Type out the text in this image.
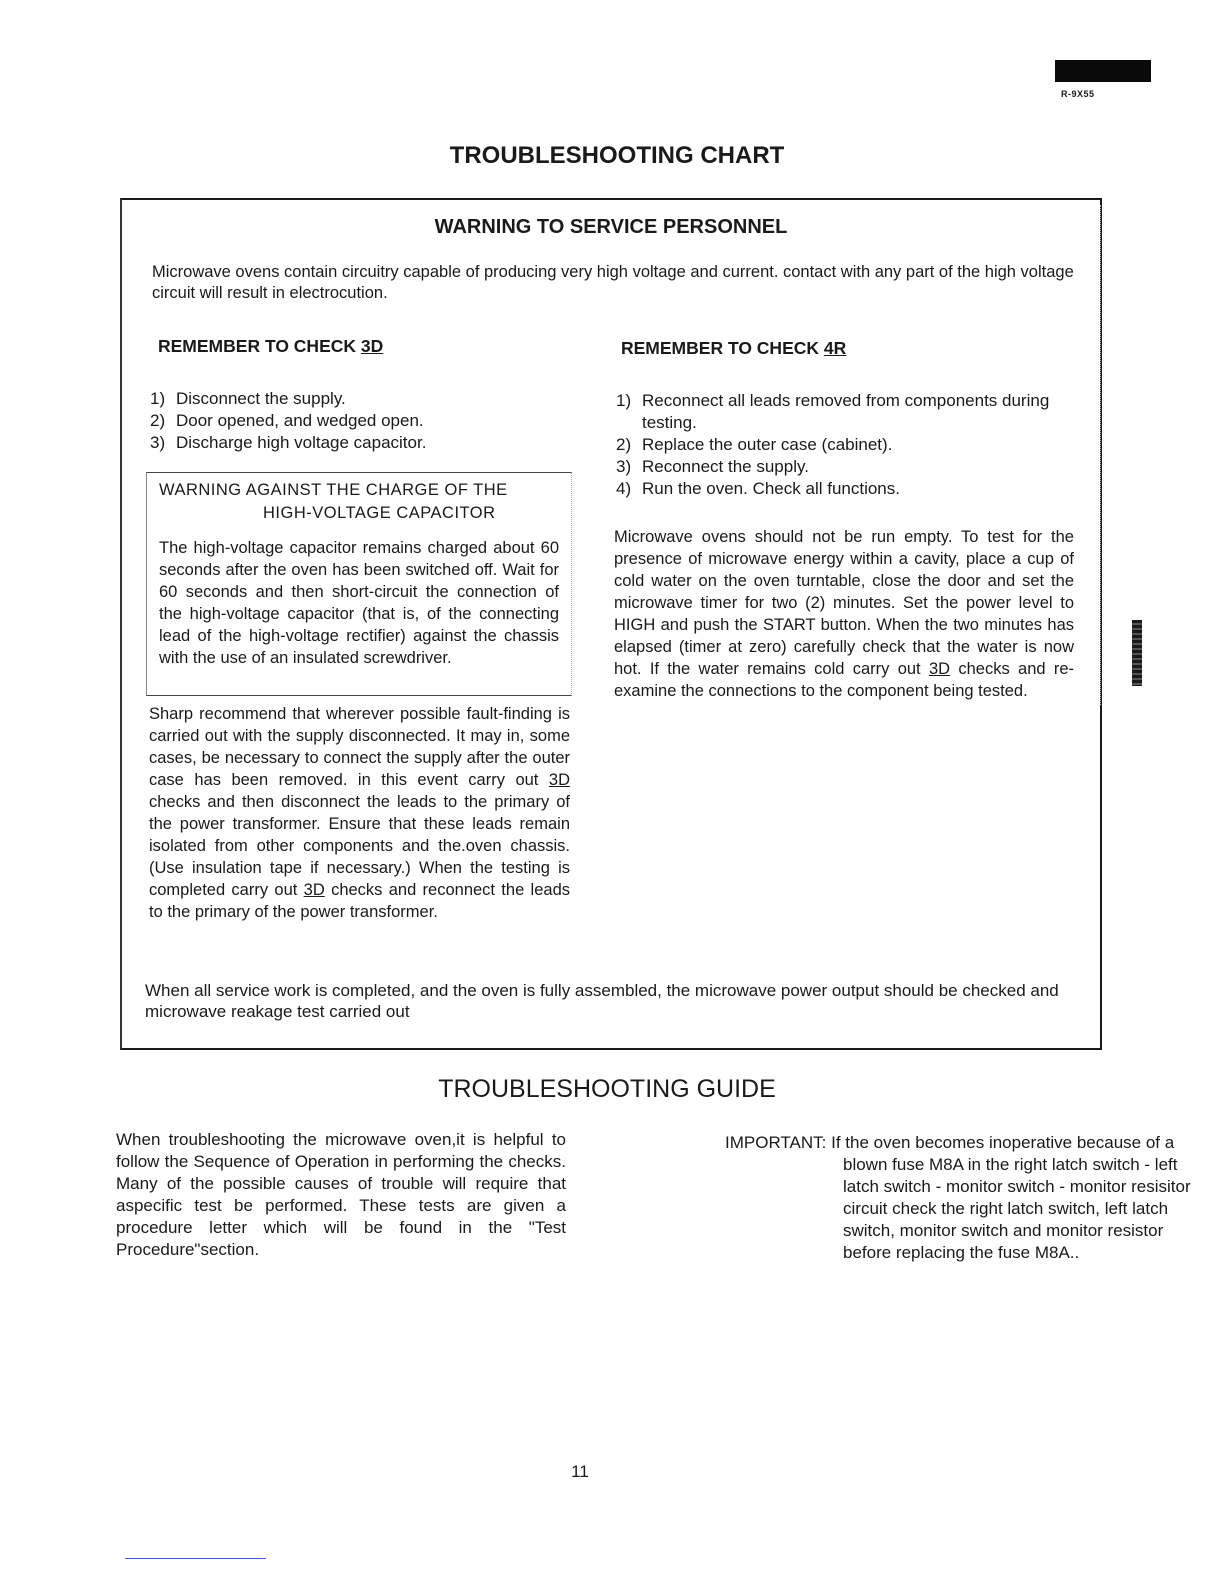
R-9X55
TROUBLESHOOTING CHART
WARNING TO SERVICE PERSONNEL
Microwave ovens contain circuitry capable of producing very high voltage and current. contact with any part of the high voltage circuit will result in electrocution.
REMEMBER TO CHECK 3D
1) Disconnect the supply.
2) Door opened, and wedged open.
3) Discharge high voltage capacitor.
WARNING AGAINST THE CHARGE OF THE
HIGH-VOLTAGE CAPACITOR
The high-voltage capacitor remains charged about 60 seconds after the oven has been switched off. Wait for 60 seconds and then short-circuit the connection of the high-voltage capacitor (that is, of the connecting lead of the high-voltage rectifier) against the chassis with the use of an insulated screwdriver.
Sharp recommend that wherever possible fault-finding is carried out with the supply disconnected. It may in, some cases, be necessary to connect the supply after the outer case has been removed. in this event carry out 3D checks and then disconnect the leads to the primary of the power transformer. Ensure that these leads remain isolated from other components and the.oven chassis. (Use insulation tape if necessary.) When the testing is completed carry out 3D checks and reconnect the leads to the primary of the power transformer.
REMEMBER TO CHECK 4R
1) Reconnect all leads removed from components during testing.
2) Replace the outer case (cabinet).
3) Reconnect the supply.
4) Run the oven. Check all functions.
Microwave ovens should not be run empty. To test for the presence of microwave energy within a cavity, place a cup of cold water on the oven turntable, close the door and set the microwave timer for two (2) minutes. Set the power level to HIGH and push the START button. When the two minutes has elapsed (timer at zero) carefully check that the water is now hot. If the water remains cold carry out 3D checks and re-examine the connections to the component being tested.
When all service work is completed, and the oven is fully assembled, the microwave power output should be checked and microwave reakage test carried out
TROUBLESHOOTING GUIDE
When troubleshooting the microwave oven,it is helpful to follow the Sequence of Operation in performing the checks. Many of the possible causes of trouble will require that aspecific test be performed. These tests are given a procedure letter which will be found in the "Test Procedure"section.
IMPORTANT: If the oven becomes inoperative because of a blown fuse M8A in the right latch switch - left latch switch - monitor switch - monitor resisitor circuit check the right latch switch, left latch switch, monitor switch and monitor resistor before replacing the fuse M8A..
11
